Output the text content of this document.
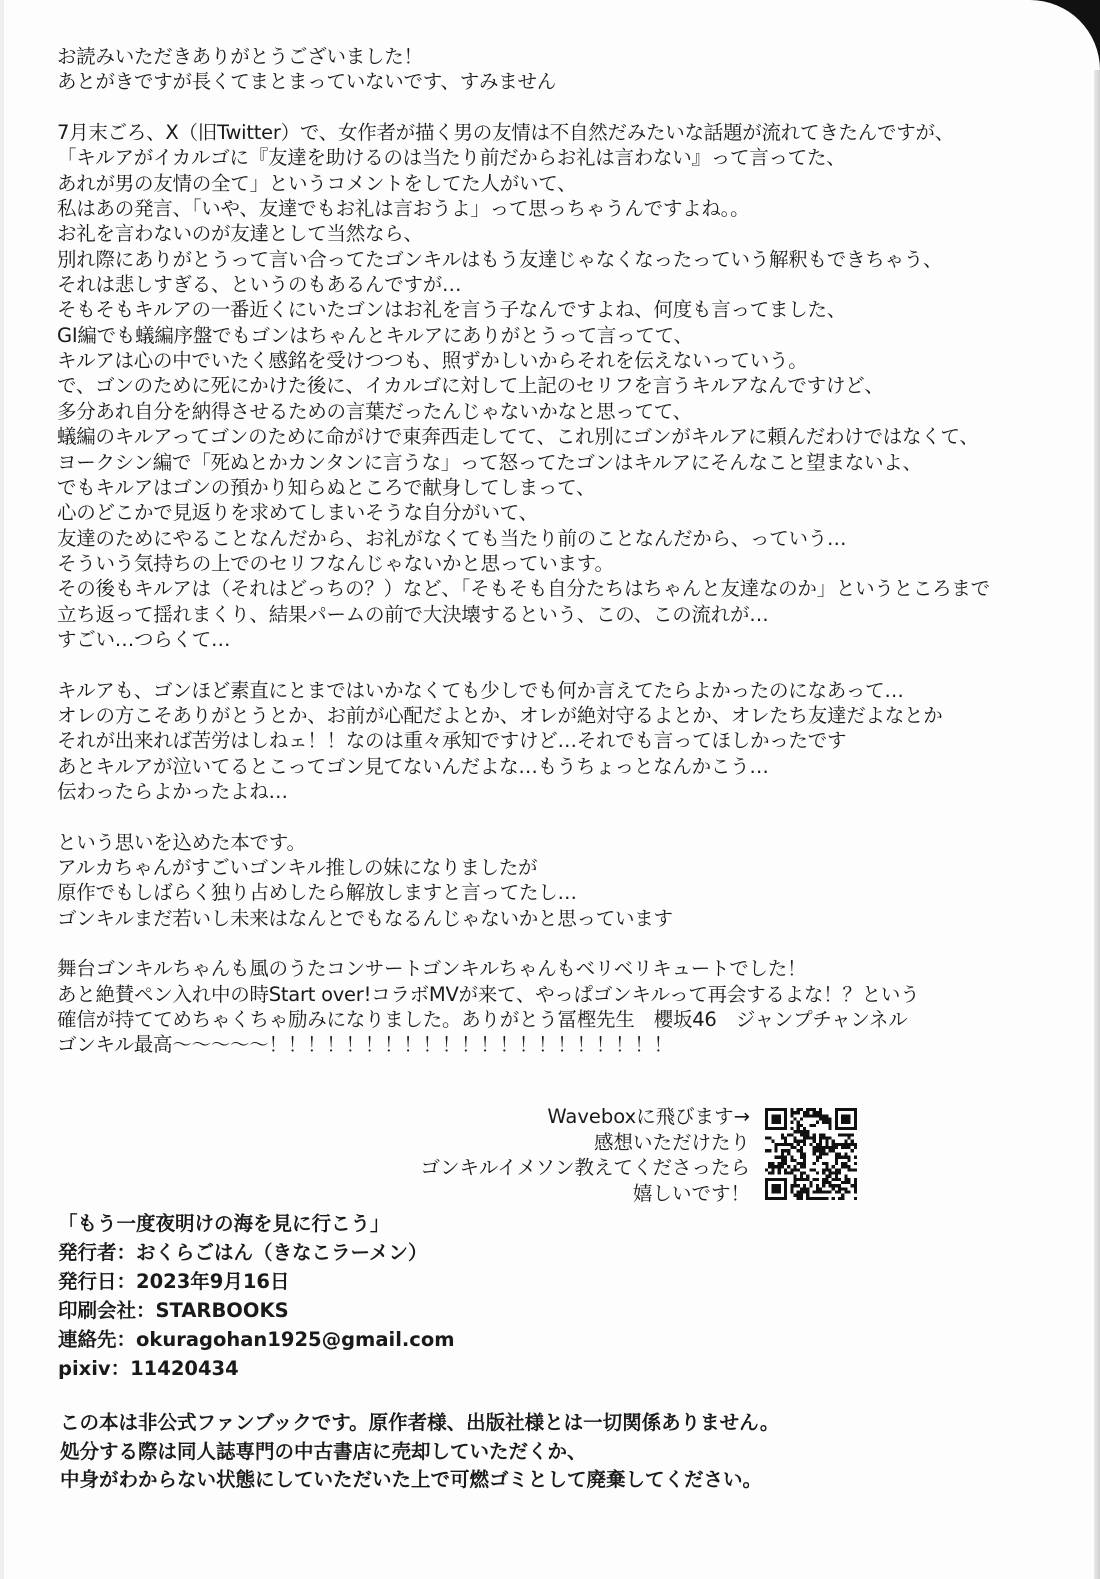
お読みいただきありがとうございました！

あとがきですが長くてまとまっていないです、すみません

7月末ごろ、X（旧Twitter）で、女作者が描く男の友情は不自然だみたいな話題が流れてきたんですが、

「キルアがイカルゴに『友達を助けるのは当たり前だからお礼は言わない』って言ってた、

あれが男の友情の全て」というコメントをしてた人がいて、

私はあの発言、「いや、友達でもお礼は言おうよ」って思っちゃうんですよね。。

お礼を言わないのが友達として当然なら、

別れ際にありがとうって言い合ってたゴンキルはもう友達じゃなくなったっていう解釈もできちゃう、

それは悲しすぎる、というのもあるんですが…

そもそもキルアの一番近くにいたゴンはお礼を言う子なんですよね、何度も言ってました、

GI編でも蟻編序盤でもゴンはちゃんとキルアにありがとうって言ってて、

キルアは心の中でいたく感銘を受けつつも、照ずかしいからそれを伝えないっていう。

で、ゴンのために死にかけた後に、イカルゴに対して上記のセリフを言うキルアなんですけど、

多分あれ自分を納得させるための言葉だったんじゃないかなと思ってて、

蟻編のキルアってゴンのために命がけで東奔西走してて、これ別にゴンがキルアに頼んだわけではなくて、

ヨークシン編で「死ぬとかカンタンに言うな」って怒ってたゴンはキルアにそんなこと望まないよ、

でもキルアはゴンの預かり知らぬところで献身してしまって、

心のどこかで見返りを求めてしまいそうな自分がいて、

友達のためにやることなんだから、お礼がなくても当たり前のことなんだから、っていう…

そういう気持ちの上でのセリフなんじゃないかと思っています。

その後もキルアは（それはどっちの？）など、「そもそも自分たちはちゃんと友達なのか」というところまで

立ち返って揺れまくり、結果パームの前で大決壊するという、この、この流れが…

すごい…つらくて…

キルアも、ゴンほど素直にとまではいかなくても少しでも何か言えてたらよかったのになあって…

オレの方こそありがとうとか、お前が心配だよとか、オレが絶対守るよとか、オレたち友達だよなとか

それが出来れば苦労はしねェ！！なのは重々承知ですけど…それでも言ってほしかったです

あとキルアが泣いてるとこってゴン見てないんだよな…もうちょっとなんかこう…

伝わったらよかったよね…

という思いを込めた本です。

アルカちゃんがすごいゴンキル推しの妹になりましたが

原作でもしばらく独り占めしたら解放しますと言ってたし…

ゴンキルまだ若いし未来はなんとでもなるんじゃないかと思っています

舞台ゴンキルちゃんも風のうたコンサートゴンキルちゃんもベリベリキュートでした！

あと絶賛ペン入れ中の時Start over!コラボMVが来て、やっぱゴンキルって再会するよな！？という

確信が持ててめちゃくちゃ励みになりました。ありがとう冨樫先生　櫻坂46　ジャンプチャンネル

ゴンキル最高〜〜〜〜〜！！！！！！！！！！！！！！！！！！！！！

Waveboxに飛びます→

感想いただけたり

ゴンキルイメソン教えてくださったら

嬉しいです！

「もう一度夜明けの海を見に行こう」

発行者：おくらごはん（きなこラーメン）

発行日：2023年9月16日

印刷会社：STARBOOKS

連絡先：okuragohan1925@gmail.com

pixiv：11420434

この本は非公式ファンブックです。原作者様、出版社様とは一切関係ありません。

処分する際は同人誌専門の中古書店に売却していただくか、

中身がわからない状態にしていただいた上で可燃ゴミとして廃棄してください。
